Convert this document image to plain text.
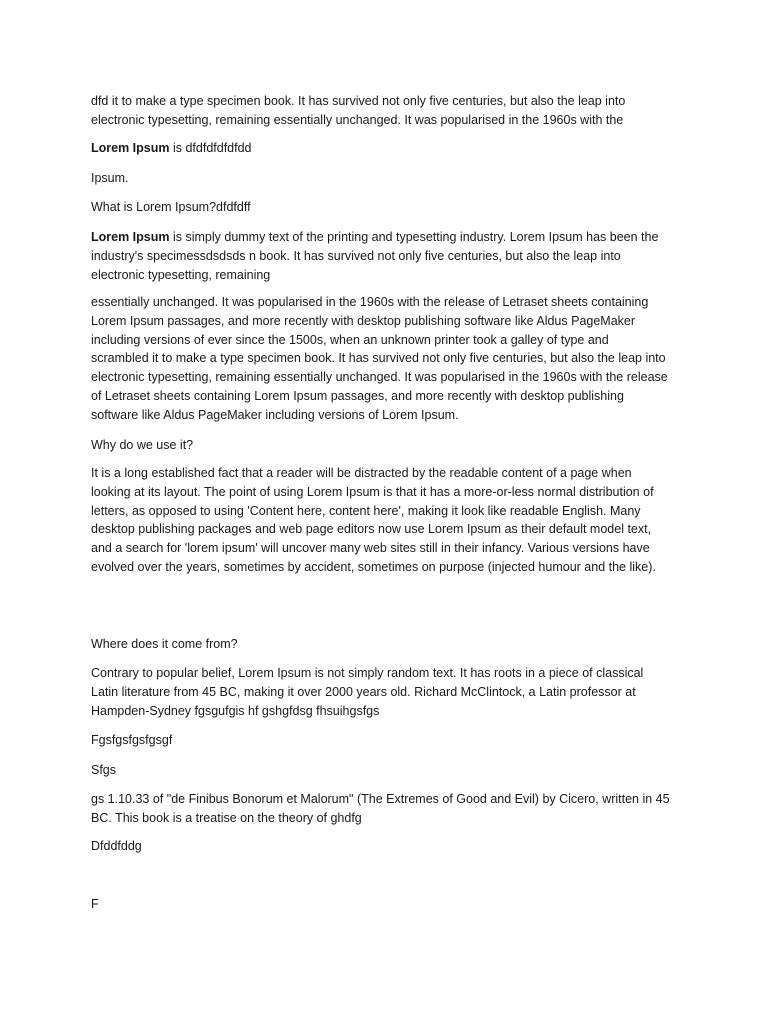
dfd it to make a type specimen book. It has survived not only five centuries, but also the leap into
electronic typesetting, remaining essentially unchanged. It was popularised in the 1960s with the

Lorem Ipsum is dfdfdfdfdfdd

Ipsum.

What is Lorem Ipsum?dfdfdff

Lorem Ipsum is simply dummy text of the printing and typesetting industry. Lorem Ipsum has been the
industry's specimessdsdsds n book. It has survived not only five centuries, but also the leap into
electronic typesetting, remaining

essentially unchanged. It was popularised in the 1960s with the release of Letraset sheets containing
Lorem Ipsum passages, and more recently with desktop publishing software like Aldus PageMaker
including versions of ever since the 1500s, when an unknown printer took a galley of type and
scrambled it to make a type specimen book. It has survived not only five centuries, but also the leap into
electronic typesetting, remaining essentially unchanged. It was popularised in the 1960s with the release
of Letraset sheets containing Lorem Ipsum passages, and more recently with desktop publishing
software like Aldus PageMaker including versions of Lorem Ipsum.

Why do we use it?

It is a long established fact that a reader will be distracted by the readable content of a page when
looking at its layout. The point of using Lorem Ipsum is that it has a more-or-less normal distribution of
letters, as opposed to using 'Content here, content here', making it look like readable English. Many
desktop publishing packages and web page editors now use Lorem Ipsum as their default model text,
and a search for 'lorem ipsum' will uncover many web sites still in their infancy. Various versions have
evolved over the years, sometimes by accident, sometimes on purpose (injected humour and the like).

Where does it come from?

Contrary to popular belief, Lorem Ipsum is not simply random text. It has roots in a piece of classical
Latin literature from 45 BC, making it over 2000 years old. Richard McClintock, a Latin professor at
Hampden-Sydney fgsgufgis hf gshgfdsg fhsuihgsfgs

Fgsfgsfgsfgsgf

Sfgs

gs 1.10.33 of "de Finibus Bonorum et Malorum" (The Extremes of Good and Evil) by Cicero, written in 45
BC. This book is a treatise on the theory of ghdfg

Dfddfddg

F
